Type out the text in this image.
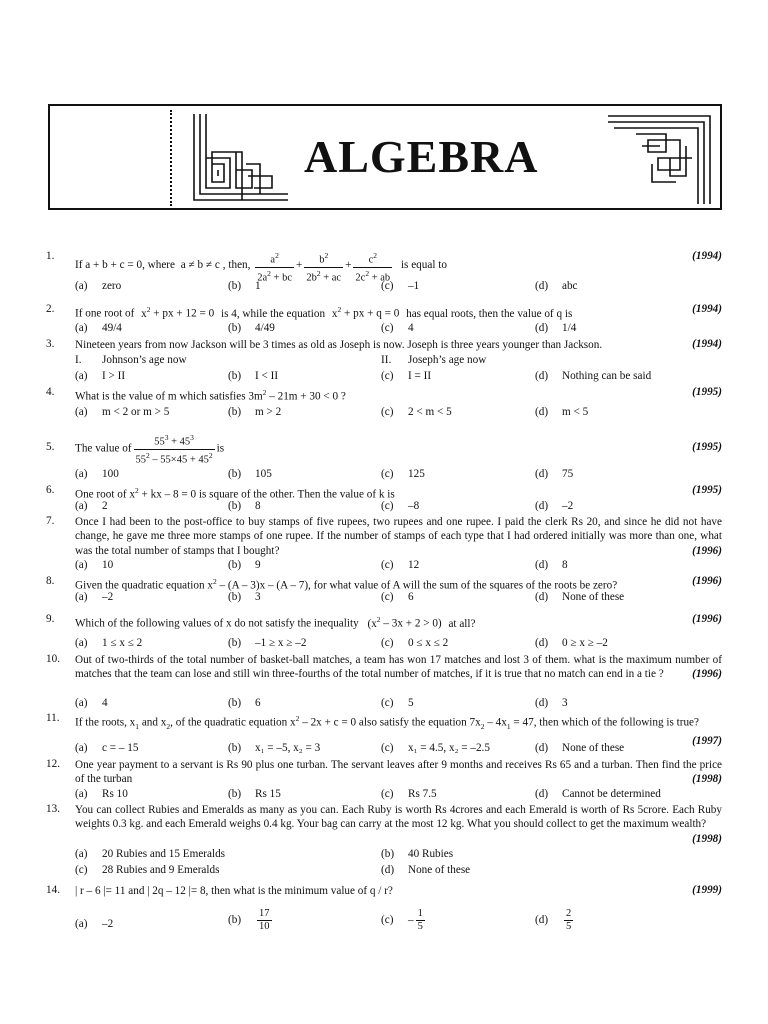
ALGEBRA
1.
If a + b + c = 0, where a ≠ b ≠ c , then, $\frac{a^2}{2a^2 + bc} + \frac{b^2}{2b^2 + ac} + \frac{c^2}{2c^2 + ab}$ is equal to
(1994)
(a) zero	(b) 1	(c) –1	(d) abc
2. If one root of $x^2$ + px + 12 = 0 is 4, while the equation $x^2$ + px + q = 0 has equal roots, then the value of q is	(1994)
(a) 49/4	(b) 4/49	(c) 4	(d) 1/4
3. Nineteen years from now Jackson will be 3 times as old as Joseph is now. Joseph is three years younger than Jackson.	(1994)
I. Johnson’s age now	II. Joseph’s age now
(a) I > II	(b) I < II	(c) I = II	(d) Nothing can be said
4. What is the value of m which satisfies $3m^2 - 21m + 30 < 0$ ?	(1995)
(a) m < 2 or m > 5	(b) m > 2	(c) 2 < m < 5	(d) m < 5
5. The value of $\frac{55^3 + 45^3}{55^2 - 55\times 45 + 45^2}$ is	(1995)
(a) 100	(b) 105	(c) 125	(d) 75
6. One root of $x^2$ + kx – 8 = 0 is square of the other. Then the value of k is	(1995)
(a) 2	(b) 8	(c) –8	(d) –2
7. Once I had been to the post-office to buy stamps of five rupees, two rupees and one rupee. I paid the clerk Rs 20, and since he did not have change, he gave me three more stamps of one rupee. If the number of stamps of each type that I had ordered initially was more than one, what was the total number of stamps that I bought?	(1996)
(a) 10	(b) 9	(c) 12	(d) 8
8. Given the quadratic equation $x^2 - (A - 3)x - (A - 7)$, for what value of A will the sum of the squares of the roots be zero?	(1996)
(a) –2	(b) 3	(c) 6	(d) None of these
9. Which of the following values of x do not satisfy the inequality $(x^2 - 3x + 2 > 0)$ at all?	(1996)
(a) 1 ≤ x ≤ 2	(b) –1 ≥ x ≥ –2	(c) 0 ≤ x ≤ 2	(d) 0 ≥ x ≥ –2
10. Out of two-thirds of the total number of basket-ball matches, a team has won 17 matches and lost 3 of them. what is the maximum number of matches that the team can lose and still win three-fourths of the total number of matches, if it is true that no match can end in a tie ?	(1996)
(a) 4	(b) 6	(c) 5	(d) 3
11. If the roots, $x_1$ and $x_2$, of the quadratic equation $x^2 - 2x + c = 0$ also satisfy the equation $7x_2 - 4x_1 = 47$, then which of the following is true?
(1997)
(a) c = – 15	(b) x₁ = –5, x₂ = 3	(c) x₁ = 4.5, x₂ = –2.5	(d) None of these
12. One year payment to a servant is Rs 90 plus one turban. The servant leaves after 9 months and receives Rs 65 and a turban. Then find the price of the turban	(1998)
(a) Rs 10	(b) Rs 15	(c) Rs 7.5	(d) Cannot be determined
13. You can collect Rubies and Emeralds as many as you can. Each Ruby is worth Rs 4crores and each Emerald is worth of Rs 5crore. Each Ruby weights 0.3 kg. and each Emerald weighs 0.4 kg. Your bag can carry at the most 12 kg. What you should collect to get the maximum wealth?
(1998)
(a) 20 Rubies and 15 Emeralds	(b) 40 Rubies
(c) 28 Rubies and 9 Emeralds	(d) None of these
14. | r – 6 |= 11 and | 2q – 12 |= 8, then what is the minimum value of q / r?	(1999)
(a) –2	$(b) \frac{17}{10}$	$(c) - \frac{1}{5}$	$(d) \frac{2}{5}$
